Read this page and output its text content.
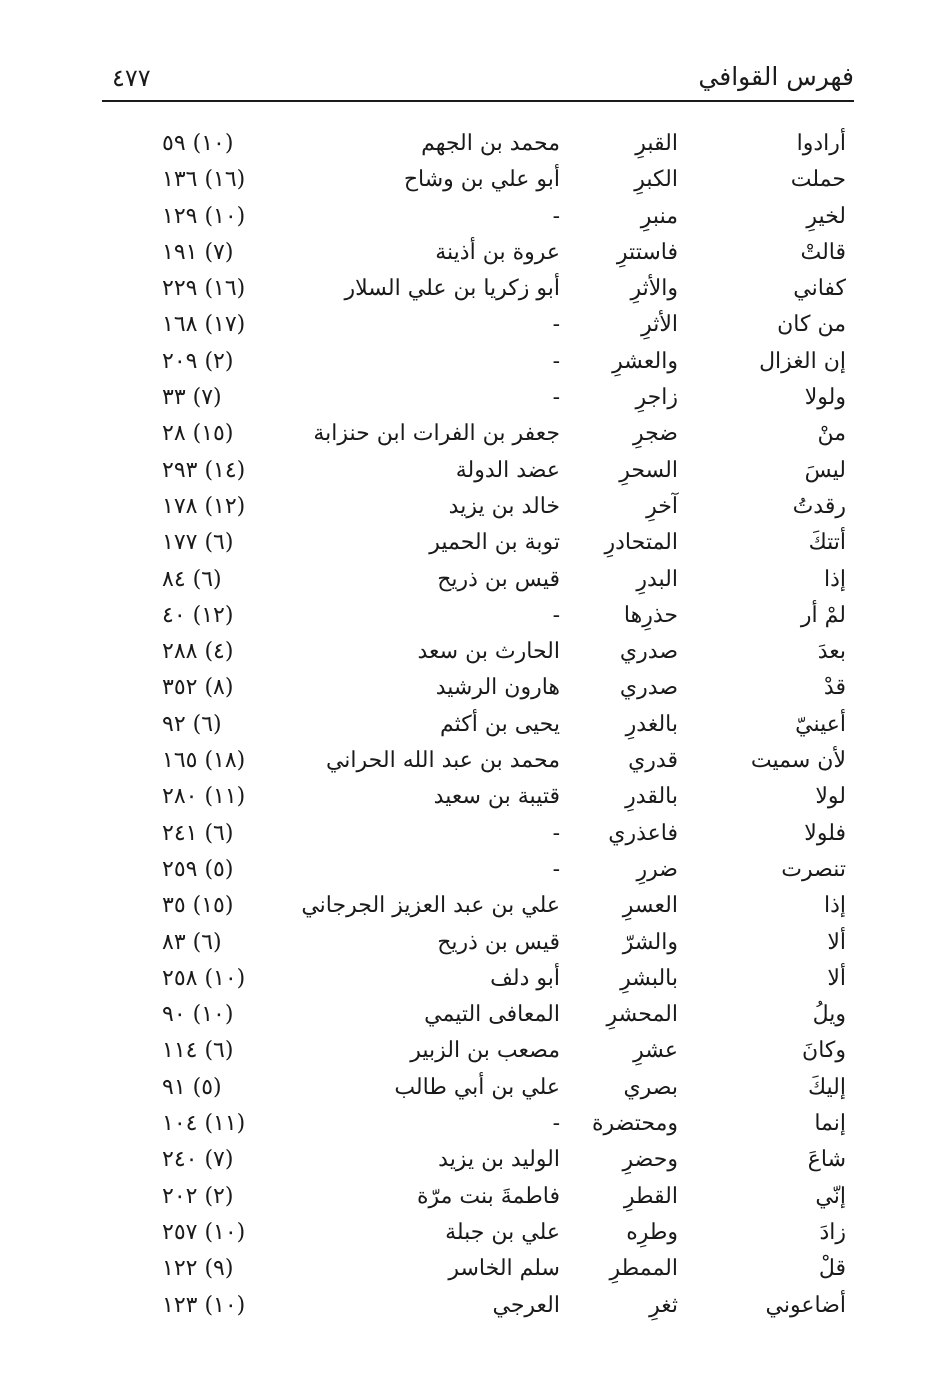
فهرس القوافي
٤٧٧
أرادوا
القبرِ
محمد بن الجهم
(١٠) ٥٩
حملت
الكبرِ
أبو علي بن وشاح
(١٦) ١٣٦
لخيرِ
منبرِ
-
(١٠) ١٢٩
قالتْ
فاستترِ
عروة بن أذينة
(٧) ١٩١
كفاني
والأثرِ
أبو زكريا بن علي السلار
(١٦) ٢٢٩
من كان
الأثرِ
-
(١٧) ١٦٨
إن الغزال
والعشرِ
-
(٢) ٢٠٩
ولولا
زاجرِ
-
(٧) ٣٣
منْ
ضجرِ
جعفر بن الفرات ابن حنزابة
(١٥) ٢٨
ليسَ
السحرِ
عضد الدولة
(١٤) ٢٩٣
رقدتُ
آخرِ
خالد بن يزيد
(١٢) ١٧٨
أتتكَ
المتحادرِ
توبة بن الحمير
(٦) ١٧٧
إذا
البدرِ
قيس بن ذريح
(٦) ٨٤
لمْ أر
حذرِها
-
(١٢) ٤٠
بعدَ
صدري
الحارث بن سعد
(٤) ٢٨٨
قدْ
صدري
هارون الرشيد
(٨) ٣٥٢
أعينيّ
بالغدرِ
يحيى بن أكثم
(٦) ٩٢
لأن سميت
قدري
محمد بن عبد الله الحراني
(١٨) ١٦٥
لولا
بالقدرِ
قتيبة بن سعيد
(١١) ٢٨٠
فلولا
فاعذري
-
(٦) ٢٤١
تنصرت
ضررِ
-
(٥) ٢٥٩
إذا
العسرِ
علي بن عبد العزيز الجرجاني
(١٥) ٣٥
ألا
والشرّ
قيس بن ذريح
(٦) ٨٣
ألا
بالبشرِ
أبو دلف
(١٠) ٢٥٨
ويلُ
المحشرِ
المعافى التيمي
(١٠) ٩٠
وكانَ
عشرِ
مصعب بن الزبير
(٦) ١١٤
إليكَ
بصري
علي بن أبي طالب
(٥) ٩١
إنما
ومحتضرة
-
(١١) ١٠٤
شاعَ
وحضرِ
الوليد بن يزيد
(٧) ٢٤٠
إنّي
القطرِ
فاطمةَ بنت مرّة
(٢) ٢٠٢
زادَ
وطرِه
علي بن جبلة
(١٠) ٢٥٧
قلْ
الممطرِ
سلم الخاسر
(٩) ١٢٢
أضاعوني
ثغرِ
العرجي
(١٠) ١٢٣
